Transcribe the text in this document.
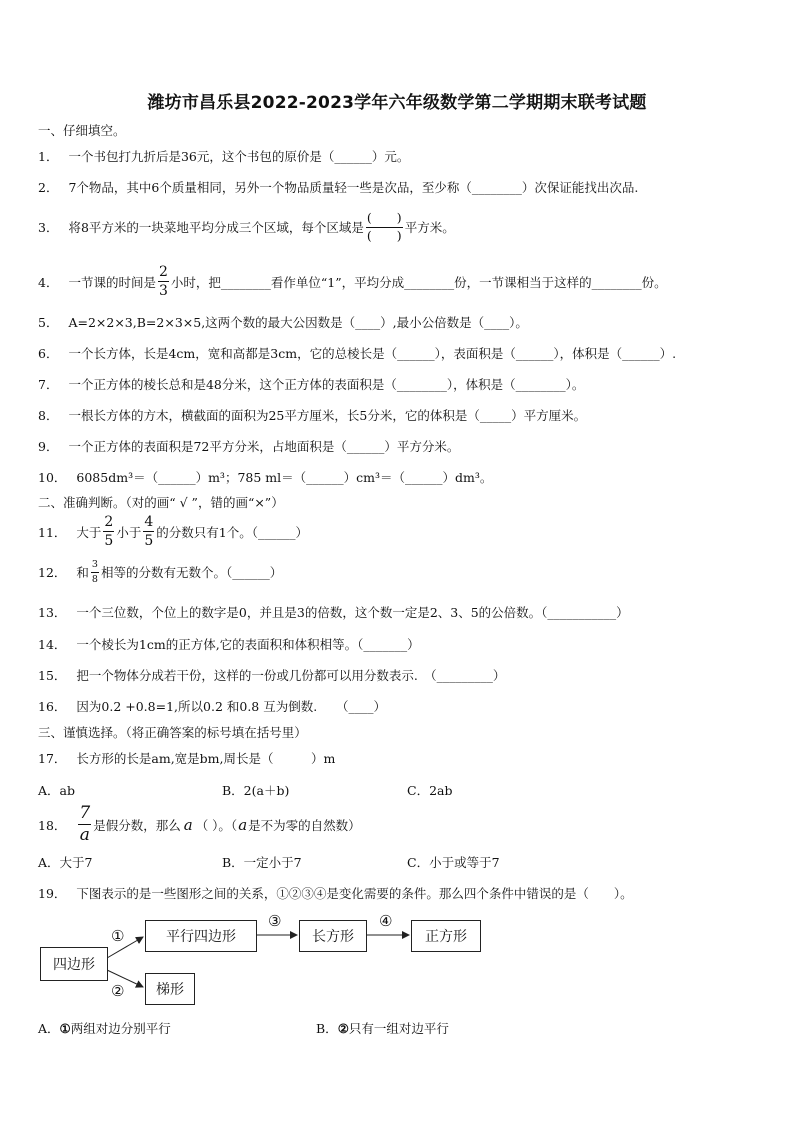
潍坊市昌乐县2022-2023学年六年级数学第二学期期末联考试题
一、仔细填空。
1． 一个书包打九折后是36元，这个书包的原价是（______）元。
2． 7个物品，其中6个质量相同，另外一个物品质量轻一些是次品，至少称（________）次保证能找出次品.
3． 将8平方米的一块菜地平均分成三个区域，每个区域是 $\frac{( )}{( )}$ 平方米。
4． 一节课的时间是 $\frac{2}{3}$ 小时，把________看作单位“1”，平均分成________份，一节课相当于这样的________份。
5． A=2×2×3,B=2×3×5,这两个数的最大公因数是（____）,最小公倍数是（____）。
6． 一个长方体，长是4cm，宽和高都是3cm，它的总棱长是（______），表面积是（______），体积是（______）.
7． 一个正方体的棱长总和是48分米，这个正方体的表面积是（________），体积是（________）。
8． 一根长方体的方木，横截面的面积为25平方厘米，长5分米，它的体积是（_____）平方厘米。
9． 一个正方体的表面积是72平方分米，占地面积是（______）平方分米。
10． 6085dm³＝（______）m³；785 ml＝（______）cm³＝（______）dm³。
二、准确判断。（对的画“ √ ”，错的画“×”）
11． 大于 $\frac{2}{5}$ 小于 $\frac{4}{5}$ 的分数只有1个。（______）
12． 和 $\frac{3}{8}$ 相等的分数有无数个。（______）
13． 一个三位数，个位上的数字是0，并且是3的倍数，这个数一定是2、3、5的公倍数。（___________）
14． 一个棱长为1cm的正方体,它的表面积和体积相等。（_______）
15． 把一个物体分成若干份，这样的一份或几份都可以用分数表示.　（_________）
16． 因为0.2 +0.8=1,所以0.2 和0.8 互为倒数.　　（____）
三、谨慎选择。（将正确答案的标号填在括号里）
17． 长方形的长是am,宽是bm,周长是（　　　）m
A．ab	B．2(a＋b)	C．2ab
18． $\frac{7}{a}$ 是假分数，那么 a （ ）。（ a 是不为零的自然数）
A．大于7	B．一定小于7	C．小于或等于7
19． 下图表示的是一些图形之间的关系，①②③④是变化需要的条件。那么四个条件中错误的是（　　）。
四边形
平行四边形	长方形	正方形
梯形
①
②
③	④
A．①两组对边分别平行	B．②只有一组对边平行
